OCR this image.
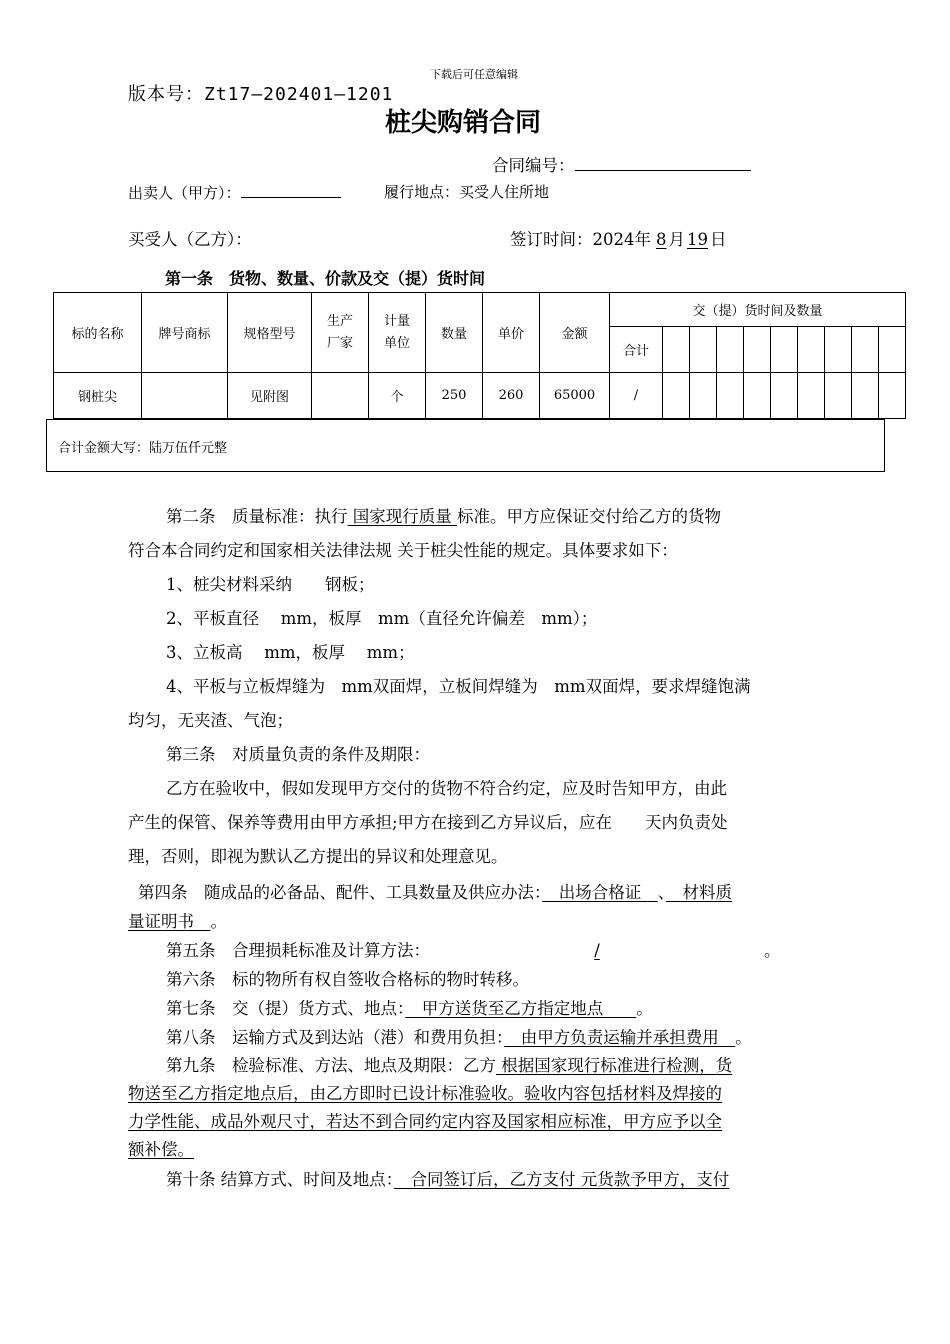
下载后可任意编辑
版本号：Zt17—202401—1201
桩尖购销合同
合同编号：
出卖人（甲方）：	履行地点：买受人住所地
买受人（乙方）：	签订时间：2024年 8 月 19 日
第一条　货物、数量、价款及交（提）货时间
标的名称	牌号商标	规格型号	生产厂家	计量单位	数量	单价	金额	交（提）货时间及数量									
								合计									
钢桩尖		见附图		个	250	260	65000	/									
合计金额大写：陆万伍仟元整
第二条　质量标准：执行 国家现行质量 标准。甲方应保证交付给乙方的货物
符合本合同约定和国家相关法律法规 关于桩尖性能的规定。具体要求如下：
1、桩尖材料采纳　　钢板；
2、平板直径　 mm，板厚　mm（直径允许偏差　mm）；
3、立板高　 mm，板厚　 mm；
4、平板与立板焊缝为　mm双面焊，立板间焊缝为　mm双面焊，要求焊缝饱满
均匀，无夹渣、气泡；
第三条　对质量负责的条件及期限：
乙方在验收中，假如发现甲方交付的货物不符合约定，应及时告知甲方，由此
产生的保管、保养等费用由甲方承担;甲方在接到乙方异议后，应在　　天内负责处
理，否则，即视为默认乙方提出的异议和处理意见。
第四条　随成品的必备品、配件、工具数量及供应办法：　出场合格证　、　材料质
量证明书　。
第五条　合理损耗标准及计算方法：	/	。
第六条　标的物所有权自签收合格标的物时转移。
第七条　交（提）货方式、地点：　甲方送货至乙方指定地点　　。
第八条　运输方式及到达站（港）和费用负担：　由甲方负责运输并承担费用　。
第九条　检验标准、方法、地点及期限：乙方 根据国家现行标准进行检测，货
物送至乙方指定地点后，由乙方即时已设计标准验收。验收内容包括材料及焊接的
力学性能、成品外观尺寸，若达不到合同约定内容及国家相应标准，甲方应予以全
额补偿。
第十条 结算方式、时间及地点：　合同签订后，乙方支付 元货款予甲方，支付
